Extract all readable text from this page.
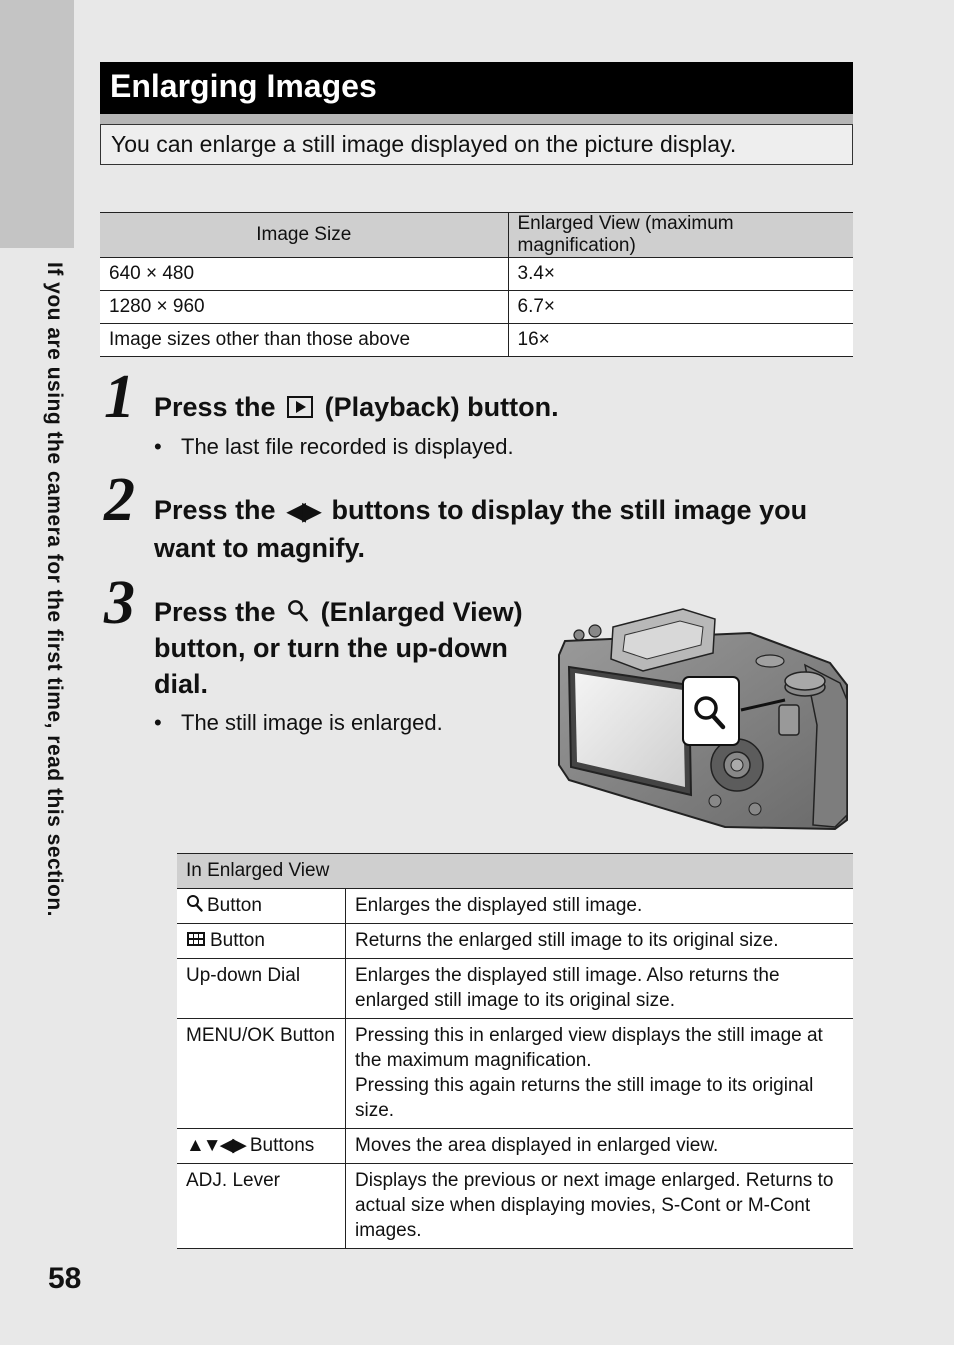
If you are using the camera for the first time, read this section.
Enlarging Images
You can enlarge a still image displayed on the picture display.
Image Size	Enlarged View (maximum magnification)
640 × 480	3.4×
1280 × 960	6.7×
Image sizes other than those above	16×
1 Press the (Playback) button.
• The last file recorded is displayed.
2 Press the ◀▶ buttons to display the still image you want to magnify.
3 Press the (Enlarged View) button, or turn the up-down dial.
• The still image is enlarged.
In Enlarged View	
Button	Enlarges the displayed still image.
Button	Returns the enlarged still image to its original size.
Up-down Dial	Enlarges the displayed still image. Also returns the enlarged still image to its original size.
MENU/OK Button	Pressing this in enlarged view displays the still image at the maximum magnification.
Pressing this again returns the still image to its original size.

▲▼◀▶ Buttons	Moves the area displayed in enlarged view.
ADJ. Lever	Displays the previous or next image enlarged. Returns to actual size when displaying movies, S-Cont or M-Cont images.
58
